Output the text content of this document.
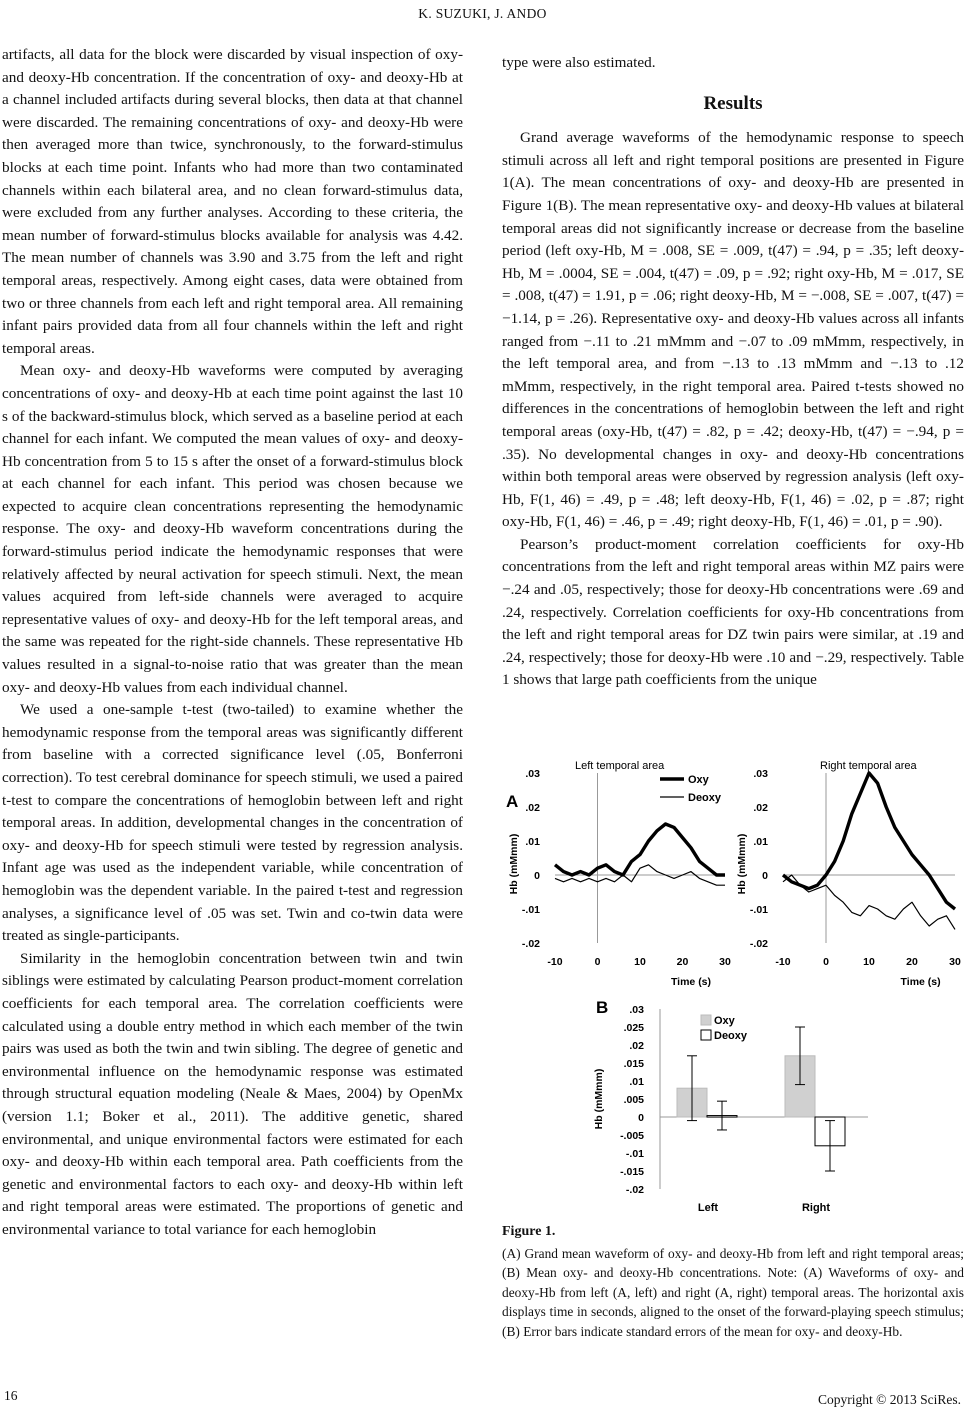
K. SUZUKI, J. ANDO

artifacts, all data for the block were discarded by visual inspection of oxy- and deoxy-Hb concentration. If the concentration of oxy- and deoxy-Hb at a channel included artifacts during several blocks, then data at that channel were discarded. The remaining concentrations of oxy- and deoxy-Hb were then averaged more than twice, synchronously, to the forward-stimulus blocks at each time point. Infants who had more than two contaminated channels within each bilateral area, and no clean forward-stimulus data, were excluded from any further analyses. According to these criteria, the mean number of forward-stimulus blocks available for analysis was 4.42. The mean number of channels was 3.90 and 3.75 from the left and right temporal areas, respectively. Among eight cases, data were obtained from two or three channels from each left and right temporal area. All remaining infant pairs provided data from all four channels within the left and right temporal areas.

Mean oxy- and deoxy-Hb waveforms were computed by averaging concentrations of oxy- and deoxy-Hb at each time point against the last 10 s of the backward-stimulus block, which served as a baseline period at each channel for each infant. We computed the mean values of oxy- and deoxy-Hb concentration from 5 to 15 s after the onset of a forward-stimulus block at each channel for each infant. This period was chosen because we expected to acquire clean concentrations representing the hemodynamic response. The oxy- and deoxy-Hb waveform concentrations during the forward-stimulus period indicate the hemodynamic responses that were relatively affected by neural activation for speech stimuli. Next, the mean values acquired from left-side channels were averaged to acquire representative values of oxy- and deoxy-Hb for the left temporal areas, and the same was repeated for the right-side channels. These representative Hb values resulted in a signal-to-noise ratio that was greater than the mean oxy- and deoxy-Hb values from each individual channel.

We used a one-sample t-test (two-tailed) to examine whether the hemodynamic response from the temporal areas was significantly different from baseline with a corrected significance level (.05, Bonferroni correction). To test cerebral dominance for speech stimuli, we used a paired t-test to compare the concentrations of hemoglobin between left and right temporal areas. In addition, developmental changes in the concentration of oxy- and deoxy-Hb for speech stimuli were tested by regression analysis. Infant age was used as the independent variable, while concentration of hemoglobin was the dependent variable. In the paired t-test and regression analyses, a significance level of .05 was set. Twin and co-twin data were treated as single-participants.

Similarity in the hemoglobin concentration between twin and twin siblings were estimated by calculating Pearson product-moment correlation coefficients for each temporal area. The correlation coefficients were calculated using a double entry method in which each member of the twin pairs was used as both the twin and twin sibling. The degree of genetic and environmental influence on the hemodynamic response was estimated through structural equation modeling (Neale & Maes, 2004) by OpenMx (version 1.1; Boker et al., 2011). The additive genetic, shared environmental, and unique environmental factors were estimated for each oxy- and deoxy-Hb within each temporal area. Path coefficients from the genetic and environmental factors to each oxy- and deoxy-Hb within left and right temporal areas were estimated. The proportions of genetic and environmental variance to total variance for each hemoglobin

type were also estimated.

Results

Grand average waveforms of the hemodynamic response to speech stimuli across all left and right temporal positions are presented in Figure 1(A). The mean concentrations of oxy- and deoxy-Hb are presented in Figure 1(B). The mean representative oxy- and deoxy-Hb values at bilateral temporal areas did not significantly increase or decrease from the baseline period (left oxy-Hb, M = .008, SE = .009, t(47) = .94, p = .35; left deoxy-Hb, M = .0004, SE = .004, t(47) = .09, p = .92; right oxy-Hb, M = .017, SE = .008, t(47) = 1.91, p = .06; right deoxy-Hb, M = −.008, SE = .007, t(47) = −1.14, p = .26). Representative oxy- and deoxy-Hb values across all infants ranged from −.11 to .21 mMmm and −.07 to .09 mMmm, respectively, in the left temporal area, and from −.13 to .13 mMmm and −.13 to .12 mMmm, respectively, in the right temporal area. Paired t-tests showed no differences in the concentrations of hemoglobin between the left and right temporal areas (oxy-Hb, t(47) = .82, p = .42; deoxy-Hb, t(47) = −.94, p = .35). No developmental changes in oxy- and deoxy-Hb concentrations within both temporal areas were observed by regression analysis (left oxy-Hb, F(1, 46) = .49, p = .48; left deoxy-Hb, F(1, 46) = .02, p = .87; right oxy-Hb, F(1, 46) = .46, p = .49; right deoxy-Hb, F(1, 46) = .01, p = .90).

Pearson’s product-moment correlation coefficients for oxy-Hb concentrations from the left and right temporal areas within MZ pairs were −.24 and .05, respectively; those for deoxy-Hb concentrations were .69 and .24, respectively. Correlation coefficients for oxy-Hb concentrations from the left and right temporal areas for DZ twin pairs were similar, at .19 and .24, respectively; those for deoxy-Hb were .10 and −.29, respectively. Table 1 shows that large path coefficients from the unique

A
.03
.02
.01
0
-.01
-.02
-10	0	10	20	30
Time (s)
Hb (mMmm)
Left temporal area
Oxy
Deoxy
.03
.02
.01
0
-.01
-.02
-10	0	10	20	30
Time (s)
Hb (mMmm)
Right temporal area
B .03
.025
.02
.015
.01
.005
0
-.005
-.01
-.015
-.02
Hb (mMmm)
Left	Right
Oxy
Deoxy
Figure 1.
(A) Grand mean waveform of oxy- and deoxy-Hb from left and right temporal areas; (B) Mean oxy- and deoxy-Hb concentrations. Note: (A) Waveforms of oxy- and deoxy-Hb from left (A, left) and right (A, right) temporal areas. The horizontal axis displays time in seconds, aligned to the onset of the forward-playing speech stimulus; (B) Error bars indicate standard errors of the mean for oxy- and deoxy-Hb.
16	Copyright © 2013 SciRes.
